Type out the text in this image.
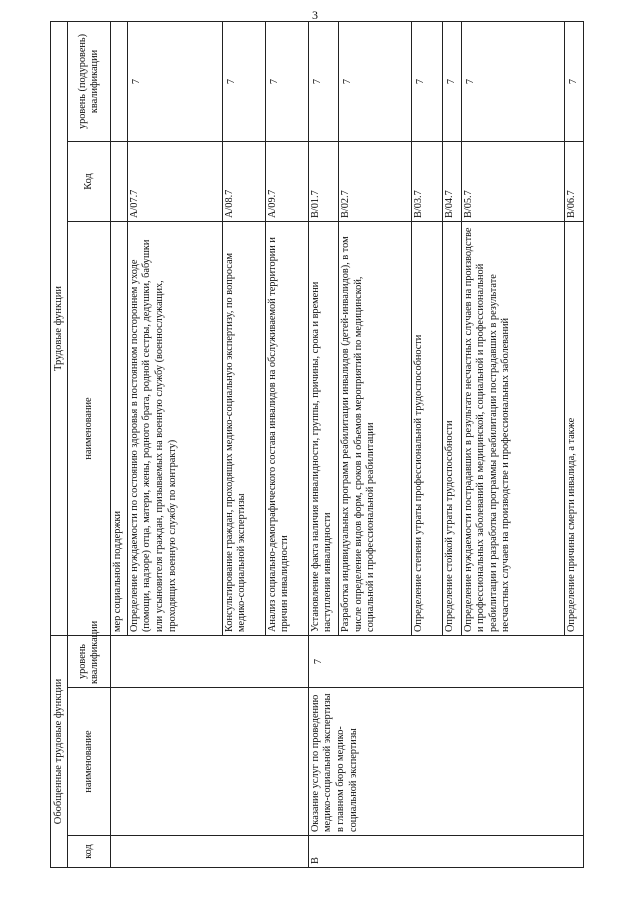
3
Обобщенные трудовые функции			Трудовые функции		
код	наименование	уровень квалификации	наименование	Код	уровень (подуровень) квалификации
			мер социальной поддержки		
			Определение нуждаемости по состоянию здоровья в постоянном постороннем уходе (помощи, надзоре) отца, матери, жены, родного брата, родной сестры, дедушки, бабушки или усыновителя граждан, призываемых на военную службу (военнослужащих, проходящих военную службу по контракту)	A/07.7	7
			Консультирование граждан, проходящих медико-социальную экспертизу, по вопросам медико-социальной экспертизы	A/08.7	7
			Анализ социально-демографического состава инвалидов на обслуживаемой территории и причин инвалидности	A/09.7	7
B	Оказание услуг по проведению медико-социальной экспертизы в главном бюро медико-социальной экспертизы	7	Установление факта наличия инвалидности, группы, причины, срока и времени наступления инвалидности	B/01.7	7
			Разработка индивидуальных программ реабилитации инвалидов (детей-инвалидов), в том числе определение видов форм, сроков и объемов мероприятий по медицинской, социальной и профессиональной реабилитации	B/02.7	7
			Определение степени утраты профессиональной трудоспособности	B/03.7	7
			Определение стойкой утраты трудоспособности	B/04.7	7
			Определение нуждаемости пострадавших в результате несчастных случаев на производстве и профессиональных заболеваний в медицинской, социальной и профессиональной реабилитации и разработка программы реабилитации пострадавших в результате несчастных случаев на производстве и профессиональных заболеваний	B/05.7	7
			Определение причины смерти инвалида, а также	B/06.7	7
